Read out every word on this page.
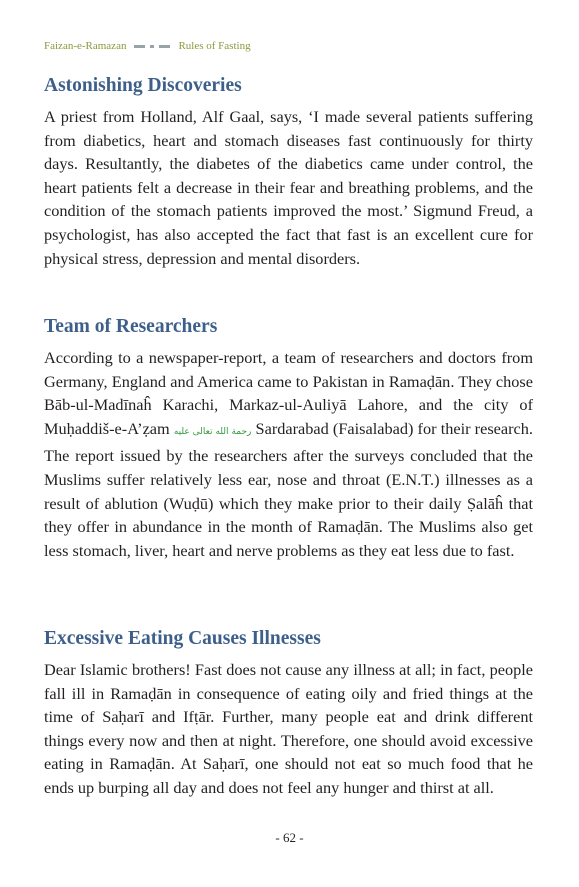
Faizan-e-Ramazan	Rules of Fasting
Astonishing Discoveries

A priest from Holland, Alf Gaal, says, ‘I made several patients suffering from diabetics, heart and stomach diseases fast continuously for thirty days. Resultantly, the diabetes of the diabetics came under control, the heart patients felt a decrease in their fear and breathing problems, and the condition of the stomach patients improved the most.’ Sigmund Freud, a psychologist, has also accepted the fact that fast is an excellent cure for physical stress, depression and mental disorders.

Team of Researchers

According to a newspaper-report, a team of researchers and doctors from Germany, England and America came to Pakistan in Ramaḍān. They chose Bāb-ul-Madīnaĥ Karachi, Markaz-ul-Auliyā Lahore, and the city of Muḥaddiš-e-A’ẓam رحمة الله تعالى عليه Sardarabad (Faisalabad) for their research. The report issued by the researchers after the surveys concluded that the Muslims suffer relatively less ear, nose and throat (E.N.T.) illnesses as a result of ablution (Wuḍū) which they make prior to their daily Ṣalāĥ that they offer in abundance in the month of Ramaḍān. The Muslims also get less stomach, liver, heart and nerve problems as they eat less due to fast.

Excessive Eating Causes Illnesses

Dear Islamic brothers! Fast does not cause any illness at all; in fact, people fall ill in Ramaḍān in consequence of eating oily and fried things at the time of Saḥarī and Ifṭār. Further, many people eat and drink different things every now and then at night. Therefore, one should avoid excessive eating in Ramaḍān. At Saḥarī, one should not eat so much food that he ends up burping all day and does not feel any hunger and thirst at all.

- 62 -
